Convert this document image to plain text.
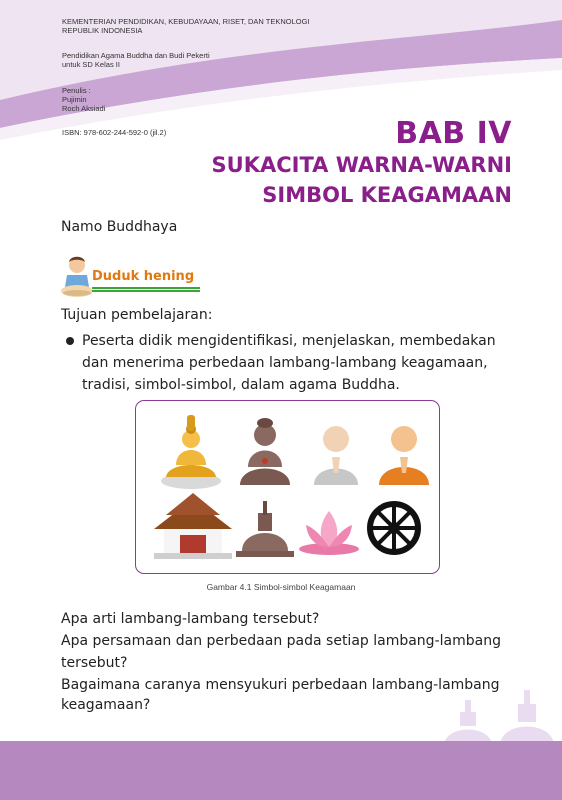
KEMENTERIAN PENDIDIKAN, KEBUDAYAAN, RISET, DAN TEKNOLOGI
REPUBLIK INDONESIA
Pendidikan Agama Buddha dan Budi Pekerti
untuk SD Kelas II
Penulis :
Pujimin
Roch Aksiadi
ISBN: 978-602-244-592-0 (jil.2)	BAB IV
SUKACITA WARNA-WARNI
SIMBOL KEAGAMAAN
Namo Buddhaya
Duduk hening
Tujuan pembelajaran:
Peserta didik mengidentifikasi, menjelaskan, membedakan dan menerima perbedaan lambang-lambang keagamaan, tradisi, simbol-simbol, dalam agama Buddha.
Gambar 4.1 Simbol-simbol Keagamaan
Apa arti lambang-lambang tersebut?
Apa persamaan dan perbedaan pada setiap lambang-lambang
tersebut?
Bagaimana caranya mensyukuri perbedaan lambang-lambang
keagamaan?
